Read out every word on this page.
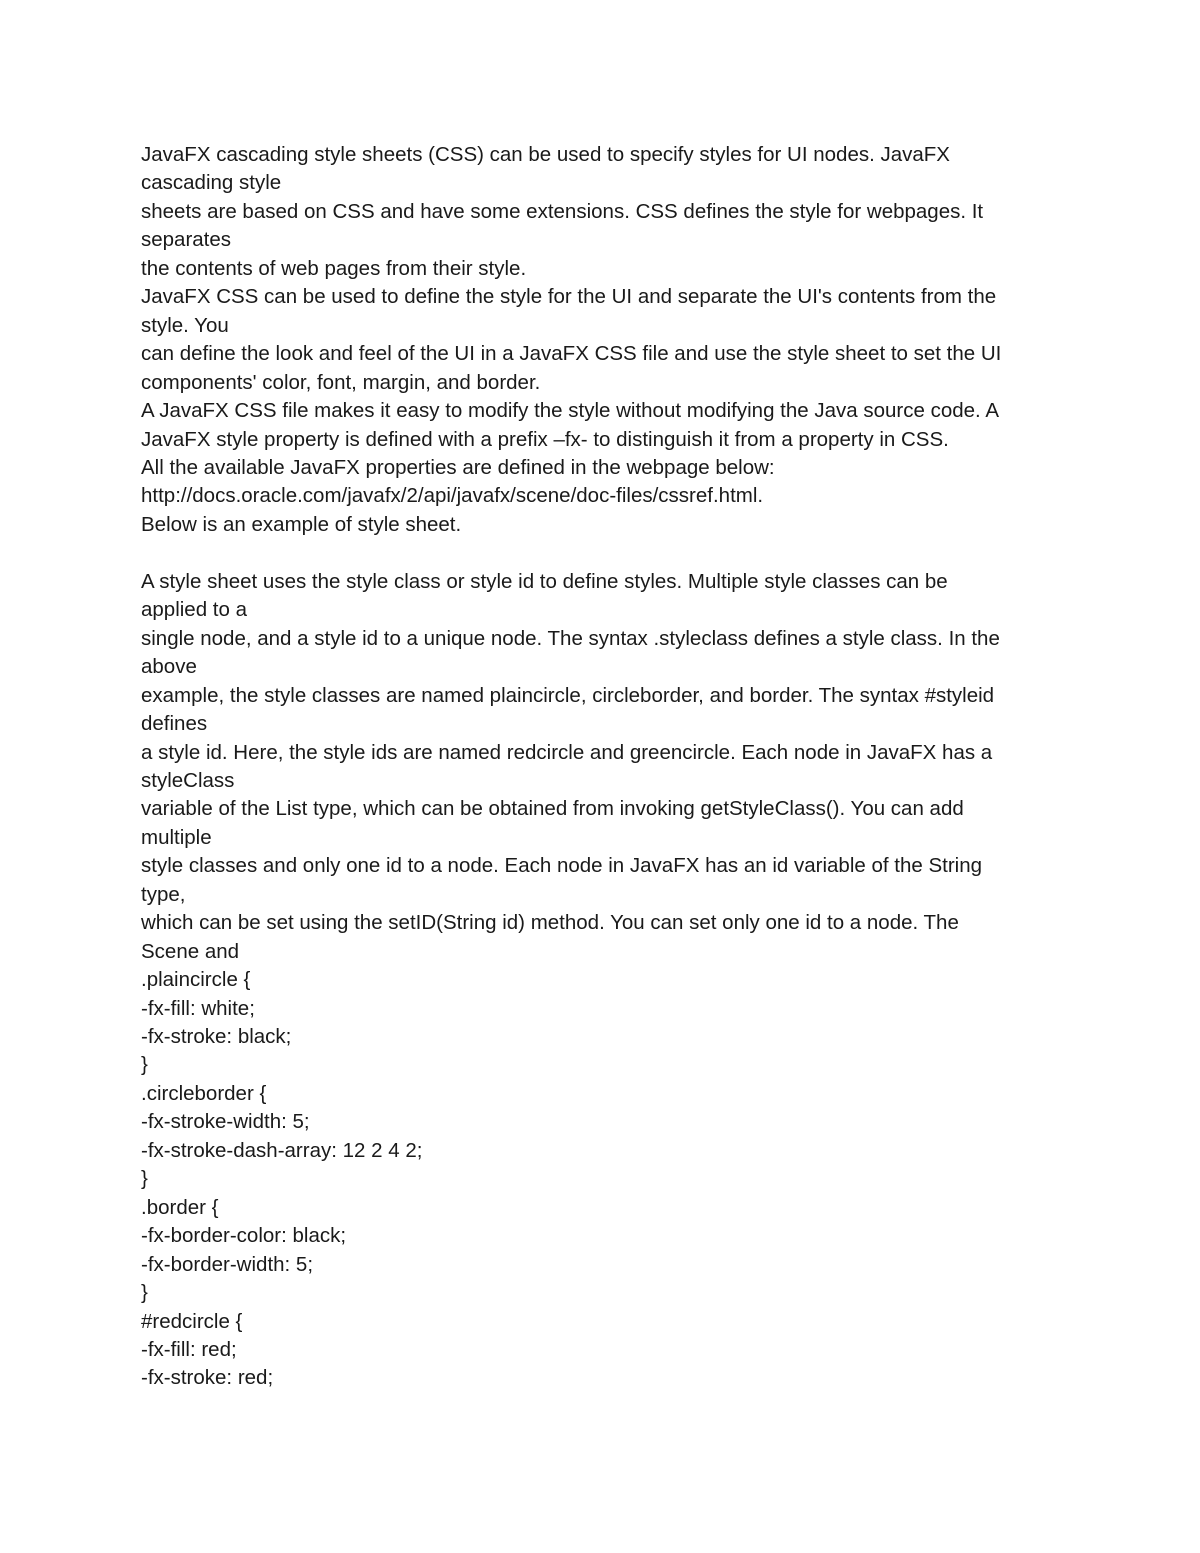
JavaFX cascading style sheets (CSS) can be used to specify styles for UI nodes. JavaFX
cascading style
sheets are based on CSS and have some extensions. CSS defines the style for webpages. It
separates
the contents of web pages from their style.
JavaFX CSS can be used to define the style for the UI and separate the UI's contents from the
style. You
can define the look and feel of the UI in a JavaFX CSS file and use the style sheet to set the UI
components' color, font, margin, and border.
A JavaFX CSS file makes it easy to modify the style without modifying the Java source code. A
JavaFX style property is defined with a prefix –fx- to distinguish it from a property in CSS.
All the available JavaFX properties are defined in the webpage below:
http://docs.oracle.com/javafx/2/api/javafx/scene/doc-files/cssref.html.
Below is an example of style sheet.
A style sheet uses the style class or style id to define styles. Multiple style classes can be
applied to a
single node, and a style id to a unique node. The syntax .styleclass defines a style class. In the
above
example, the style classes are named plaincircle, circleborder, and border. The syntax #styleid
defines
a style id. Here, the style ids are named redcircle and greencircle. Each node in JavaFX has a
styleClass
variable of the List type, which can be obtained from invoking getStyleClass(). You can add
multiple
style classes and only one id to a node. Each node in JavaFX has an id variable of the String
type,
which can be set using the setID(String id) method. You can set only one id to a node. The
Scene and
.plaincircle {
-fx-fill: white;
-fx-stroke: black;
}
.circleborder {
-fx-stroke-width: 5;
-fx-stroke-dash-array: 12 2 4 2;
}
.border {
-fx-border-color: black;
-fx-border-width: 5;
}
#redcircle {
-fx-fill: red;
-fx-stroke: red;
